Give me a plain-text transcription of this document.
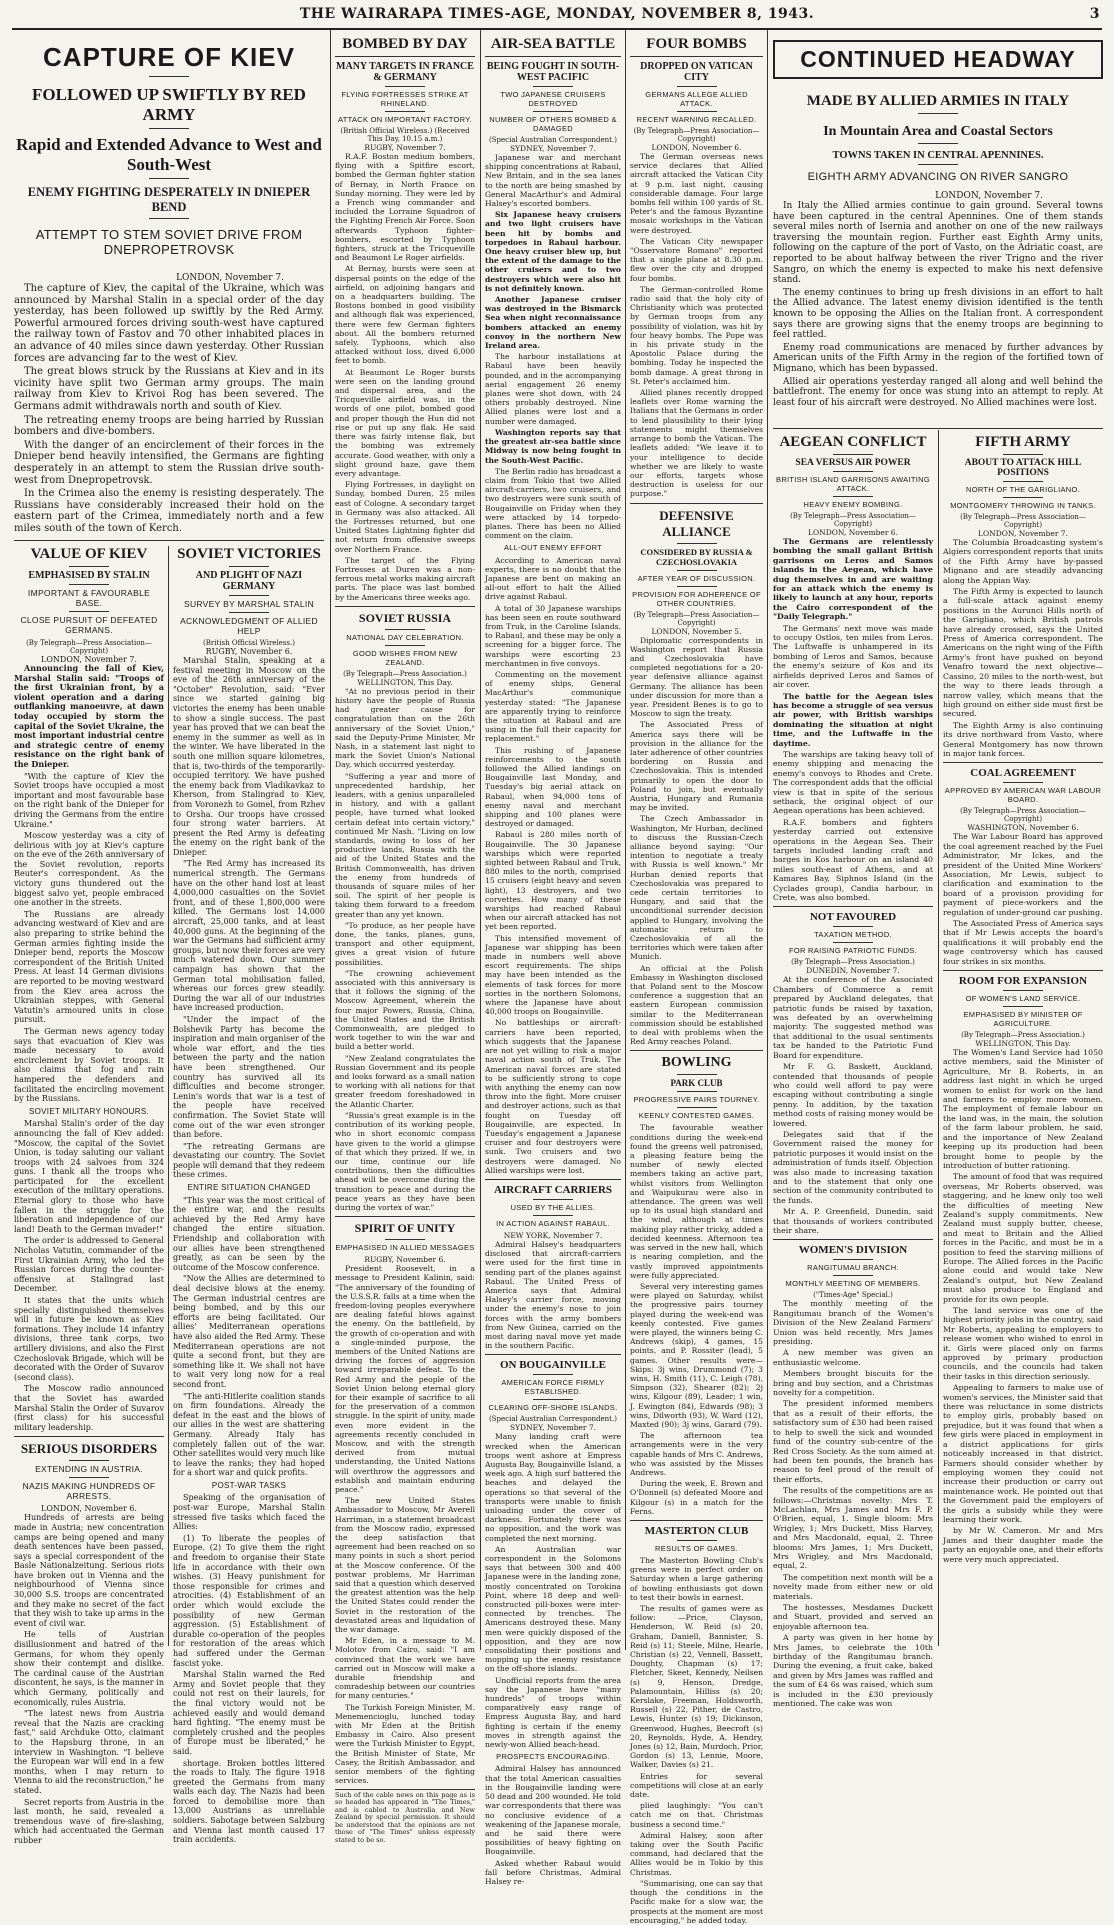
THE WAIRARAPA TIMES-AGE, MONDAY, NOVEMBER 8, 1943.	3
CAPTURE OF KIEV
FOLLOWED UP SWIFTLY BY RED ARMY
Rapid and Extended Advance to West and South-West
ENEMY FIGHTING DESPERATELY IN DNIEPER BEND
ATTEMPT TO STEM SOVIET DRIVE FROM DNEPROPETROVSK
LONDON, November 7.

The capture of Kiev, the capital of the Ukraine, which was announced by Marshal Stalin in a special order of the day yesterday, has been followed up swiftly by the Red Army. Powerful armoured forces driving south-west have captured the railway town of Fastov and 70 other inhabited places in an advance of 40 miles since dawn yesterday. Other Russian forces are advancing far to the west of Kiev.

The great blows struck by the Russians at Kiev and in its vicinity have split two German army groups. The main railway from Kiev to Krivoi Rog has been severed. The Germans admit withdrawals north and south of Kiev.

The retreating enemy troops are being harried by Russian bombers and dive-bombers.

With the danger of an encirclement of their forces in the Dnieper bend heavily intensified, the Germans are fighting desperately in an attempt to stem the Russian drive south-west from Dnepropetrovsk.

In the Crimea also the enemy is resisting desperately. The Russians have considerably increased their hold on the eastern part of the Crimea, immediately north and a few miles south of the town of Kerch.

VALUE OF KIEV
EMPHASISED BY STALIN
IMPORTANT & FAVOURABLE BASE.
CLOSE PURSUIT OF DEFEATED GERMANS.
(By Telegraph—Press Association—Copyright)
LONDON, November 7.

Announcing the fall of Kiev, Marshal Stalin said: "Troops of the first Ukrainian front, by a violent operation and a daring outflanking manoeuvre, at dawn today occupied by storm the capital of the Soviet Ukraine, the most important industrial centre and strategic centre of enemy resistance on the right bank of the Dnieper.

"With the capture of Kiev the Soviet troops have occupied a most important and most favourable base on the right bank of the Dnieper for driving the Germans from the entire Ukraine."

Moscow yesterday was a city of delirious with joy at Kiev's capture on the eve of the 26th anniversary of the Soviet revolution, reports Reuter's correspondent. As the victory guns thundered out the biggest salvo yet, people embraced one another in the streets.

The Russians are already advancing westward of Kiev and are also preparing to strike behind the German armies fighting inside the Dnieper bend, reports the Moscow correspondent of the British United Press. At least 14 German divisions are reported to be moving westward from the Kiev area across the Ukrainian steppes, with General Vatutin's armoured units in close pursuit.

The German news agency today says that evacuation of Kiev was made necessary to avoid encirclement by Soviet troops. It also claims that fog and rain hampered the defenders and facilitated the encircling movement by the Russians.

SOVIET MILITARY HONOURS.

Marshal Stalin's order of the day announcing the fall of Kiev added: "Moscow, the capital of the Soviet Union, is today saluting our valiant troops with 24 salvoes from 324 guns. I thank all the troops who participated for the excellent execution of the military operations. Eternal glory to those who have fallen in the struggle for the liberation and independence of our land! Death to the German invader!"

The order is addressed to General Nicholas Vatutin, commander of the First Ukrainian Army, who led the Russian forces during the counter-offensive at Stalingrad last December.

It states that the units which specially distinguished themselves will in future be known as Kiev formations. They include 14 infantry divisions, three tank corps, two artillery divisions, and also the First Czechoslovak Brigade, which will be decorated with the Order of Suvarov (second class).

The Moscow radio announced that the Soviet has awarded Marshal Stalin the Order of Suvarov (first class) for his successful military leadership.

SERIOUS DISORDERS
EXTENDING IN AUSTRIA.
NAZIS MAKING HUNDREDS OF ARRESTS.
LONDON, November 6.

Hundreds of arrests are being made in Austria; new concentration camps are being opened and many death sentences have been passed, says a special correspondent of the Basle Nationalzeitung. Serious riots have broken out in Vienna and the neighbourhood of Vienna since 30,000 S.S. troops are concentrated and they make no secret of the fact that they wish to take up arms in the event of civil war.

He tells of Austrian disillusionment and hatred of the Germans, for whom they openly show their contempt and dislike. The cardinal cause of the Austrian discontent, he says, is the manner in which Germany, politically and economically, rules Austria.

"The latest news from Austria reveal that the Nazis are cracking fast," said Archduke Otto, claimant to the Hapsburg throne, in an interview in Washington. "I believe the European war will end in a few months, when I may return to Vienna to aid the reconstruction," he stated.

Secret reports from Austria in the last month, he said, revealed a tremendous wave of fire-slashing, which had accentuated the German rubber

SOVIET VICTORIES
AND PLIGHT OF NAZI GERMANY
SURVEY BY MARSHAL STALIN
ACKNOWLEDGMENT OF ALLIED HELP
(British Official Wireless.)
RUGBY, November 6.

Marshal Stalin, speaking at a festival meeting in Moscow on the eve of the 26th anniversary of the "October" Revolution, said: "Ever since we started gaining big victories the enemy has been unable to show a single success. The past year has proved that we can beat the enemy in the summer as well as in the winter. We have liberated in the south one million square kilometres, that is, two-thirds of the temporarily-occupied territory. We have pushed the enemy back from Vladikavkaz to Kherson, from Stalingrad to Kiev, from Voronezh to Gomel, from Rzhev to Orsha. Our troops have crossed four strong water barriers. At present the Red Army is defeating the enemy on the right bank of the Dnieper.

"The Red Army has increased its numerical strength. The Germans have on the other hand lost at least 4,000,000 casualties on the Soviet front, and of these 1,800,000 were killed. The Germans lost 14,000 aircraft, 25,000 tanks, and at least 40,000 guns. At the beginning of the war the Germans had sufficient army groups, but now their forces are very much watered down. Our summer campaign has shown that the German total mobilisation failed, whereas our forces grew steadily. During the war all of our industries have increased production.

"Under the impact of the Bolshevik Party has become the inspiration and main organiser of the whole war effort, and the ties between the party and the nation have been strengthened. Our country has survived all its difficulties and become stronger. Lenin's words that war is a test of the people have received confirmation. The Soviet State will come out of the war even stronger than before.

"The retreating Germans are devastating our country. The Soviet people will demand that they redeem these crimes.

ENTIRE SITUATION CHANGED

"This year was the most critical of the entire war, and the results achieved by the Red Army have changed the entire situation. Friendship and collaboration with our allies have been strengthened greatly, as can be seen by the outcome of the Moscow conference.

"Now the Allies are determined to deal decisive blows at the enemy. The German industrial centres are being bombed, and by this our efforts are being facilitated. Our allies' Mediterranean operations have also aided the Red Army. These Mediterranean operations are not quite a second front, but they are something like it. We shall not have to wait very long now for a real second front.

"The anti-Hitlerite coalition stands on firm foundations. Already the defeat in the east and the blows of our allies in the west are shattering Germany. Already Italy has completely fallen out of the war. Other satellites would very much like to leave the ranks; they had hoped for a short war and quick profits.

POST-WAR TASKS

Speaking of the organisation of post-war Europe, Marshal Stalin stressed five tasks which faced the Allies:

(1) To liberate the peoples of Europe. (2) To give them the right and freedom to organise their State life in accordance with their own wishes. (3) Heavy punishment for those responsible for crimes and atrocities. (4) Establishment of an order which would exclude the possibility of new German aggression. (5) Establishment of durable co-operation of the peoples for restoration of the areas which had suffered under the German fascist yoke.

Marshal Stalin warned the Red Army and Soviet people that they could not rest on their laurels, for the final victory would not be achieved easily and would demand hard fighting. "The enemy must be completely crushed and the peoples of Europe must be liberated," he said.

shortage. Broken bottles littered the roads to Italy. The figure 1918 greeted the Germans from many walls each day. The Nazis had been forced to demobilise more than 13,000 Austrians as unreliable soldiers. Sabotage between Salzburg and Vienna last month caused 17 train accidents.

BOMBED BY DAY
MANY TARGETS IN FRANCE & GERMANY
FLYING FORTRESSES STRIKE AT RHINELAND.
ATTACK ON IMPORTANT FACTORY.
(British Official Wireless.) (Received This Day, 10.15 a.m.)
RUGBY, November 7.

R.A.F. Boston medium bombers, flying with a Spitfire escort, bombed the German fighter station of Bernay, in North France on Sunday morning. They were led by a French wing commander and included the Lorraine Squadron of the Fighting French Air Force. Soon afterwards Typhoon fighter-bombers, escorted by Typhoon fighters, struck at the Tricqueville and Beaumont Le Roger airfields.

At Bernay, bursts were seen at dispersal points on the edge of the airfield, on adjoining hangars and on a headquarters building. The Bostons bombed in good visibility and although flak was experienced, there were few German fighters about. All the bombers returned safely. Typhoons, which also attacked without loss, dived 6,000 feet to bomb.

At Beaumont Le Roger bursts were seen on the landing ground and dispersal area, and the Tricqueville airfield was, in the words of one pilot, bombed good and proper though the Hun did not rise or put up any flak. He said there was fairly intense flak, but the bombing was extremely accurate. Good weather, with only a slight ground haze, gave them every advantage.

Flying Fortresses, in daylight on Sunday, bombed Duren, 25 miles east of Cologne. A secondary target in Germany was also attacked. All the Fortresses returned, but one United States Lightning fighter did not return from offensive sweeps over Northern France.

The target of the Flying Fortresses at Duren was a non-ferrous metal works making aircraft parts. The place was last bombed by the Americans three weeks ago.

SOVIET RUSSIA
NATIONAL DAY CELEBRATION.
GOOD WISHES FROM NEW ZEALAND.
(By Telegraph—Press Association.)
WELLINGTON, This Day.

"At no previous period in their history have the people of Russia had greater cause for congratulation than on the 26th anniversary of the Soviet Union," said the Deputy-Prime Minister, Mr Nash, in a statement last night to mark the Soviet Union's National Day, which occurred yesterday.

"Suffering a year and more of unprecedented hardship, her leaders, with a genius unparalleled in history, and with a gallant people, have turned what looked certain defeat into certain victory," continued Mr Nash. "Living on low standards, owing to loss of her productive lands, Russia with the aid of the United States and the British Commonwealth, has driven the enemy from hundreds of thousands of square miles of her soil. The spirit of her people is taking them forward to a freedom greater than any yet known.

"To produce, as her people have done, the tanks, planes, guns, transport and other equipment, gives a great vision of future possibilities.

"The crowning achievement associated with this anniversary is that it follows the signing of the Moscow Agreement, wherein the four major Powers, Russia, China, the United States and the British Commonwealth, are pledged to work together to win the war and build a better world.

"New Zealand congratulates the Russian Government and its people and looks forward as a small nation to working with all nations for that greater freedom foreshadowed in the Atlantic Charter.

"Russia's great example is in the contribution of its working people, who in short economic compass have given to the world a glimpse of that which they prized. If we, in our time, continue our life contributions, then the difficulties ahead will be overcome during the transition to peace and during the peace years as they have been during the vortex of war."

SPIRIT OF UNITY
EMPHASISED IN ALLIED MESSAGES
RUGBY, November 6.

President Roosevelt, in a message to President Kalinin, said: "The anniversary of the founding of the U.S.S.R. falls at a time when the freedom-loving peoples everywhere are dealing fateful blows against the enemy. On the battlefield, by the growth of co-operation and with a single-minded purpose, the members of the United Nations are driving the forces of aggression toward irreparable defeat. To the Red Army and the people of the Soviet Union belong eternal glory for their example of sacrifice to all for the preservation of a common struggle. In the spirit of unity, made even more evident in the agreements recently concluded in Moscow, and with the strength derived from mutual understanding, the United Nations will overthrow the aggressors and establish and maintain enduring peace."

The new United States Ambassador to Moscow, Mr Averell Harriman, in a statement broadcast from the Moscow radio, expressed the deep satisfaction that agreement had been reached on so many points in such a short period at the Moscow conference. Of the postwar problems, Mr Harriman said that a question which deserved the greatest attention was the help the United States could render the Soviet in the restoration of the devastated areas and liquidation of the war damage.

Mr Eden, in a message to M. Molotov from Cairo, said: "I am convinced that the work we have carried out in Moscow will make a durable friendship and comradeship between our countries for many centuries."

The Turkish Foreign Minister, M. Menemencioglu, lunched today with Mr Eden at the British Embassy in Cairo. Also present were the Turkish Minister to Egypt, the British Minister of State, Mr Casey, the British Ambassador, and senior members of the fighting services.

Such of the cable news on this page as is so headed has appeared in "The Times," and is cabled to Australia and New Zealand by special permission. It should be understood that the opinions are not those of "The Times" unless expressly stated to be so.
AIR-SEA BATTLE
BEING FOUGHT IN SOUTH-WEST PACIFIC
TWO JAPANESE CRUISERS DESTROYED
NUMBER OF OTHERS BOMBED & DAMAGED
(Special Australian Correspondent.)
SYDNEY, November 7.

Japanese war and merchant shipping concentrations at Rabaul, New Britain, and in the sea lanes to the north are being smashed by General MacArthur's and Admiral Halsey's escorted bombers.

Six Japanese heavy cruisers and two light cruisers have been hit by bombs and torpedoes in Rabaul harbour. One heavy cruiser blew up, but the extent of the damage to the other cruisers and to two destroyers which were also hit is not definitely known.

Another Japanese cruiser was destroyed in the Bismarck Sea when night reconnaissance bombers attacked an enemy convoy in the northern New Ireland area.

The harbour installations at Rabaul have been heavily pounded, and in the accompanying aerial engagement 26 enemy planes were shot down, with 24 others probably destroyed. Nine Allied planes were lost and a number were damaged.

Washington reports say that the greatest air-sea battle since Midway is now being fought in the South-West Pacific.

The Berlin radio has broadcast a claim from Tokio that two Allied aircraft-carriers, two cruisers, and two destroyers were sunk south of Bougainville on Friday when they were attacked by 14 torpedo-planes. There has been no Allied comment on the claim.

ALL-OUT ENEMY EFFORT

According to American naval experts, there is no doubt that the Japanese are bent on making an all-out effort to halt the Allied drive against Rabaul.

A total of 30 Japanese warships has been seen en route southward from Truk, in the Caroline Islands, to Rabaul, and these may be only a screening for a bigger force. The warships were escorting 23 merchantmen in five convoys.

Commenting on the movement of enemy ships, General MacArthur's communique yesterday stated: "The Japanese are apparently trying to reinforce the situation at Rabaul and are using in the full their capacity for replacement."

This rushing of Japanese reinforcements to the south followed the Allied landings on Bougainville last Monday, and Tuesday's big aerial attack on Rabaul, when 94,000 tons of enemy naval and merchant shipping and 100 planes were destroyed or damaged.

Rabaul is 280 miles north of Bougainville. The 30 Japanese warships which were reported sighted between Rabaul and Truk, 880 miles to the north, comprised 15 cruisers (eight heavy and seven light), 13 destroyers, and two corvettes. How many of these warships had reached Rabaul when our aircraft attacked has not yet been reported.

This intensified movement of Japanese war shipping has been made in numbers well above escort requirements. The ships may have been intended as the elements of task forces for more sorties in the northern Solomons, where the Japanese have about 40,000 troops on Bougainville.

No battleships or aircraft-carriers have been reported, which suggests that the Japanese are not yet willing to risk a major naval action south of Truk. The American naval forces are stated to be sufficiently strong to cope with anything the enemy can now throw into the fight. More cruiser and destroyer actions, such as that fought on Tuesday off Bougainville, are expected. In Tuesday's engagement a Japanese cruiser and four destroyers were sunk. Two cruisers and two destroyers were damaged. No Allied warships were lost.

AIRCRAFT CARRIERS
USED BY THE ALLIES.
IN ACTION AGAINST RABAUL.
NEW YORK, November 7.

Admiral Halsey's headquarters disclosed that aircraft-carriers were used for the first time in sending part of the planes against Rabaul. The United Press of America says that Admiral Halsey's carrier force, moving under the enemy's nose to join forces with the army bombers from New Guinea, carried on the most daring naval move yet made in the southern Pacific.

ON BOUGAINVILLE
AMERICAN FORCE FIRMLY ESTABLISHED.
CLEARING OFF-SHORE ISLANDS.
(Special Australian Correspondent.)
SYDNEY, November 7.

Many landing craft were wrecked when the American troops went ashore at Empress Augusta Bay, Bougainville Island, a week ago. A high surf battered the beaches and delayed the operations so that several of the transports were unable to finish unloading under the cover of darkness. Fortunately there was no opposition, and the work was completed the next morning.

An Australian war correspondent in the Solomons says that between 300 and 400 Japanese were in the landing zone, mostly concentrated on Torokina Point, where 18 deep and well-constructed pill-boxes were inter-connected by trenches. The Americans destroyed these. Many men were quickly disposed of the opposition, and they are now consolidating their positions and mopping up the enemy resistance on the off-shore islands.

Unofficial reports from the area say the Japanese have "many hundreds" of troops within comparatively easy range of Empress Augusta Bay, and hard fighting is certain if the enemy moves in strength against the newly-won Allied beach-head.

PROSPECTS ENCOURAGING.

Admiral Halsey has announced that the total American casualties in the Bougainville landing were 50 dead and 200 wounded. He told war correspondents that there was no conclusive evidence of a weakening of the Japanese morale, and he said there were possibilities of heavy fighting on Bougainville.

Asked whether Rabaul would fall before Christmas, Admiral Halsey re-

FOUR BOMBS
DROPPED ON VATICAN CITY
GERMANS ALLEGE ALLIED ATTACK.
RECENT WARNING RECALLED.
(By Telegraph—Press Association—Copyright)
LONDON, November 6.

The German overseas news service declares that Allied aircraft attacked the Vatican City at 9 p.m. last night, causing considerable damage. Four large bombs fell within 100 yards of St. Peter's and the famous Byzantine mosaic workshops in the Vatican were destroyed.

The Vatican City newspaper "Osservatore Romano" reported that a single plane at 8.30 p.m. flew over the city and dropped four bombs.

The German-controlled Rome radio said that the holy city of Christianity which was protected by German troops from any possibility of violation, was hit by four heavy bombs. The Pope was in his private study in the Apostolic Palace during the bombing. Today he inspected the bomb damage. A great throng in St. Peter's acclaimed him.

Allied planes recently dropped leaflets over Rome warning the Italians that the Germans in order to lend plausibility to their lying statements might themselves arrange to bomb the Vatican. The leaflets added: "We leave it to your intelligence to decide whether we are likely to waste our efforts, targets whose destruction is useless for our purpose."

DEFENSIVE ALLIANCE
CONSIDERED BY RUSSIA & CZECHOSLOVAKIA
AFTER YEAR OF DISCUSSION.
PROVISION FOR ADHERENCE OF OTHER COUNTRIES.
(By Telegraph—Press Association—Copyright)
LONDON, November 5.

Diplomatic correspondents in Washington report that Russia and Czechoslovakia have completed negotiations for a 20-year defensive alliance against Germany. The alliance has been under discussion for more than a year. President Benes is to go to Moscow to sign the treaty.

The Associated Press of America says there will be provision in the alliance for the later adherence of other countries bordering on Russia and Czechoslovakia. This is intended primarily to open the door to Poland to join, but eventually Austria, Hungary and Rumania may be invited.

The Czech Ambassador in Washington, Mr Hurban, declined to discuss the Russian-Czech alliance beyond saying: "Our intention to negotiate a treaty with Russia is well known." Mr Hurban denied reports that Czechoslovakia was prepared to cede certain territories to Hungary, and said that the unconditional surrender decision applied to Hungary, involving the automatic return to Czechoslovakia of all the territories which were taken after Munich.

An official at the Polish Embassy in Washington disclosed that Poland sent to the Moscow conference a suggestion that an eastern European commission similar to the Mediterranean commission should be established to deal with problems when the Red Army reaches Poland.

BOWLING
PARK CLUB
PROGRESSIVE PAIRS TOURNEY.
KEENLY CONTESTED GAMES.

The favourable weather conditions during the week-end found the greens well patronised, a pleasing feature being the number of newly elected members taking an active part, whilst visitors from Wellington and Waipukurau were also in attendance. The green was well up to its usual high standard and the wind, although at times making play rather tricky, added a decided keenness. Afternoon tea was served in the new hall, which is nearing completion, and the vastly improved appointments were fully appreciated.

Several very interesting games were played on Saturday, whilst the progressive pairs tourney played during the week-end was keenly contested. Five games were played, the winners being C. Andrews (skip), 4 games, 15 points, and P. Rossiter (lead), 5 games. Other results were—Skips: 3j wins, Drummond (7); 3 wins, H. Smith (11), C. Leigh (78), Simpson (32), Shearer (82); 2j wins, Kilgour (89), Leader; 1 win, J. Ewington (84), Edwards (98); 3 wins, Dilworth (93), W. Ward (12), Maxted (90); 3j wins, Garard (79).

The afternoon tea arrangements were in the very capable hands of Mrs C. Andrews, who was assisted by the Misses Andrews.

During the week, E. Brown and O'Donnell (s) defeated Moore and Kilgour (s) in a match for the Ferns.

MASTERTON CLUB
RESULTS OF GAMES.

The Masterton Bowling Club's greens were in perfect order on Saturday when a large gathering of bowling enthusiasts got down to test their bowls in earnest.

The results of games were as follow: —Price, Clayson, Henderson, W. Reid (s) 20, Graham, Daniell, Bannister, S. Reid (s) 11; Steele, Milne, Hearle, Christian (s) 22, Vennell, Bassett, Doughty, Chapman (s) 17; Fletcher, Skeet, Kennedy, Neilsen (s) 9, Henson, Dredge, Palamountain, Hilliss (s) 20; Kerslake, Freeman, Holdsworth, Russell (s) 22, Pither, de Castro, Lewis, Hunter (s) 19; Dickinson, Greenwood, Hughes, Beecroft (s) 20, Reynolds, Hyde, A. Hendry, Jones (s) 12, Bain, Murdoch, Prior, Gordon (s) 13, Lennie, Moore, Walker, Davies (s) 21.

Entries for several competitions will close at an early date.

plied laughingly: "You can't catch me on that. Christmas business a second time."

Admiral Halsey, soon after taking over the South Pacific command, had declared that the Allies would be in Tokio by this Christmas.

"Summarising, one can say that though the conditions in the Pacific make for a slow war, the prospects at the moment are most encouraging," he added today.

CONTINUED HEADWAY
MADE BY ALLIED ARMIES IN ITALY
In Mountain Area and Coastal Sectors
TOWNS TAKEN IN CENTRAL APENNINES.
EIGHTH ARMY ADVANCING ON RIVER SANGRO
LONDON, November 7.

In Italy the Allied armies continue to gain ground. Several towns have been captured in the central Apennines. One of them stands several miles north of Isernia and another on one of the new railways traversing the mountain region. Further east Eighth Army units, following on the capture of the port of Vasto, on the Adriatic coast, are reported to be about halfway between the river Trigno and the river Sangro, on which the enemy is expected to make his next defensive stand.

The enemy continues to bring up fresh divisions in an effort to halt the Allied advance. The latest enemy division identified is the tenth known to be opposing the Allies on the Italian front. A correspondent says there are growing signs that the enemy troops are beginning to feel rattled.

Enemy road communications are menaced by further advances by American units of the Fifth Army in the region of the fortified town of Mignano, which has been bypassed.

Allied air operations yesterday ranged all along and well behind the battlefront. The enemy for once was stung into an attempt to reply. At least four of his aircraft were destroyed. No Allied machines were lost.

AEGEAN CONFLICT
SEA VERSUS AIR POWER
BRITISH ISLAND GARRISONS AWAITING ATTACK.
HEAVY ENEMY BOMBING.
(By Telegraph—Press Association—Copyright)
LONDON, November 6.

The Germans are relentlessly bombing the small gallant British garrisons on Leros and Samos islands in the Aegean, which have dug themselves in and are waiting for an attack which the enemy is likely to launch at any hour, reports the Cairo correspondent of the "Daily Telegraph."

The Germans' next move was made to occupy Ostlos, ten miles from Leros. The Luftwaffe is unhampered in its bombing of Leros and Samos, because the enemy's seizure of Kos and its airfields deprived Leros and Samos of air cover.

The battle for the Aegean isles has become a struggle of sea versus air power, with British warships dominating the situation at night time, and the Luftwaffe in the daytime.

The warships are taking heavy toll of enemy shipping and menacing the enemy's convoys to Rhodes and Crete. The correspondent adds that the official view is that in spite of the serious setback, the original object of our Aegean operations has been achieved.

R.A.F. bombers and fighters yesterday carried out extensive operations in the Aegean Sea. Their targets included landing craft and barges in Kos harbour on an island 40 miles south-east of Athens, and at Kamares Bay, Siphnos Island (in the Cyclades group), Candia harbour, in Crete, was also bombed.

NOT FAVOURED
TAXATION METHOD.
FOR RAISING PATRIOTIC FUNDS.
(By Telegraph—Press Association.)
DUNEDIN, November 7.

At the conference of the Associated Chambers of Commerce a remit prepared by Auckland delegates, that patriotic funds be raised by taxation, was defeated by an overwhelming majority. The suggested method was that additional to the usual sentiments tax be handed to the Patriotic Fund Board for expenditure.

Mr F. G. Baskett, Auckland, contended that thousands of people who could well afford to pay were escaping without contributing a single penny. In addition, by the taxation method costs of raising money would be lowered.

Delegates said that if the Government raised the money for patriotic purposes it would insist on the administration of funds itself. Objection was also made to increasing taxation and to the statement that only one section of the community contributed to the funds.

Mr A. P. Greenfield, Dunedin, said that thousands of workers contributed their share.

WOMEN'S DIVISION
RANGITUMAU BRANCH.
MONTHLY MEETING OF MEMBERS.
("Times-Age" Special.)

The monthly meeting of the Rangitumau branch of the Women's Division of the New Zealand Farmers' Union was held recently, Mrs James presiding.

A new member was given an enthusiastic welcome.

Members brought biscuits for the bring and buy section, and a Christmas novelty for a competition.

The president informed members that as a result of their efforts, the satisfactory sum of £30 had been raised to help to swell the sick and wounded fund of the country sub-centre of the Red Cross Society. As the sum aimed at had been ten pounds, the branch has reason to feel proud of the result of their efforts.

The results of the competitions are as follows:—Christmas novelty: Mrs T. McLachlan, Mrs James and Mrs F. P. O'Brien, equal, 1. Single bloom: Mrs Wrigley, 1; Mrs Duckett, Miss Harvey, and Mrs Macdonald, equal, 2. Three blooms: Mrs James, 1; Mrs Duckett, Mrs Wrigley, and Mrs Macdonald, equal, 2.

The competition next month will be a novelty made from either new or old materials.

The hostesses, Mesdames Duckett and Stuart, provided and served an enjoyable afternoon tea.

A party was given in her home by Mrs James, to celebrate the 10th birthday of the Rangitumau branch. During the evening, a fruit cake, baked and given by Mrs James was raffled and the sum of £4 6s was raised, which sum is included in the £30 previously mentioned. The cake was won

FIFTH ARMY
ABOUT TO ATTACK HILL POSITIONS
NORTH OF THE GARIGLIANO.
MONTGOMERY THROWING IN TANKS.
(By Telegraph—Press Association—Copyright)
LONDON, November 7.

The Columbia Broadcasting system's Algiers correspondent reports that units of the Fifth Army have by-passed Mignano and are steadily advancing along the Appian Way.

The Fifth Army is expected to launch a full-scale attack against enemy positions in the Aurunci Hills north of the Garigliano, which British patrols have already crossed, says the United Press of America correspondent. The Americans on the right wing of the Fifth Army's front have pushed on beyond Venafro toward the next objective—Cassino, 20 miles to the north-west, but the way to there leads through a narrow valley, which means that the high ground on either side must first be secured.

The Eighth Army is also continuing its drive northward from Vasto, where General Montgomery has now thrown in major tank forces.

COAL AGREEMENT
APPROVED BY AMERICAN WAR LABOUR BOARD.
(By Telegraph—Press Association—Copyright)
WASHINGTON, November 6.

The War Labour Board has approved the coal agreement reached by the Fuel Administrator, Mr Ickes, and the president of the United Mine Workers' Association, Mr Lewis, subject to clarification and examination to the board of a provision providing for payment of piece-workers and the regulation of under-ground car pushing.

The Associated Press of America says that if Mr Lewis accepts the board's qualifications it will probably end the wage controversy which has caused four strikes in six months.

ROOM FOR EXPANSION
OF WOMEN'S LAND SERVICE.
EMPHASISED BY MINISTER OF AGRICULTURE.
(By Telegraph—Press Association.)
WELLINGTON, This Day.

The Women's Land Service had 1050 active members, said the Minister of Agriculture, Mr B. Roberts, in an address last night in which he urged women to enlist for work on the land and farmers to employ more women. The employment of female labour on the land was, in the main, the solution of the farm labour problem, he said, and the importance of New Zealand keeping up its production had been brought home to people by the introduction of butter rationing.

The amount of food that was required overseas, Mr Roberts observed, was staggering, and he knew only too well the difficulties of meeting New Zealand's supply commitments. New Zealand must supply butter, cheese, and meat to Britain and the Allied forces in the Pacific, and must be in a position to feed the starving millions of Europe. The Allied forces in the Pacific alone could and would take New Zealand's output, but New Zealand must also produce to England and provide for its own people.

The land service was one of the highest priority jobs in the country, said Mr Roberts, appealing to employers to release women who wished to enrol in it. Girls were placed only on farms approved by primary production councils, and the councils had taken their tasks in this direction seriously.

Appealing to farmers to make use of women's services, the Minister said that there was reluctance in some districts to employ girls, probably based on prejudice, but it was found that when a few girls were placed in employment in a district applications for girls noticeably increased in that district. Farmers should consider whether by employing women they could not increase their production or carry out maintenance work. He pointed out that the Government paid the employers of the girls a subsidy while they were learning their work.

by Mr W. Cameron. Mr and Mrs James and their daughter made the party an enjoyable one, and their efforts were very much appreciated.
